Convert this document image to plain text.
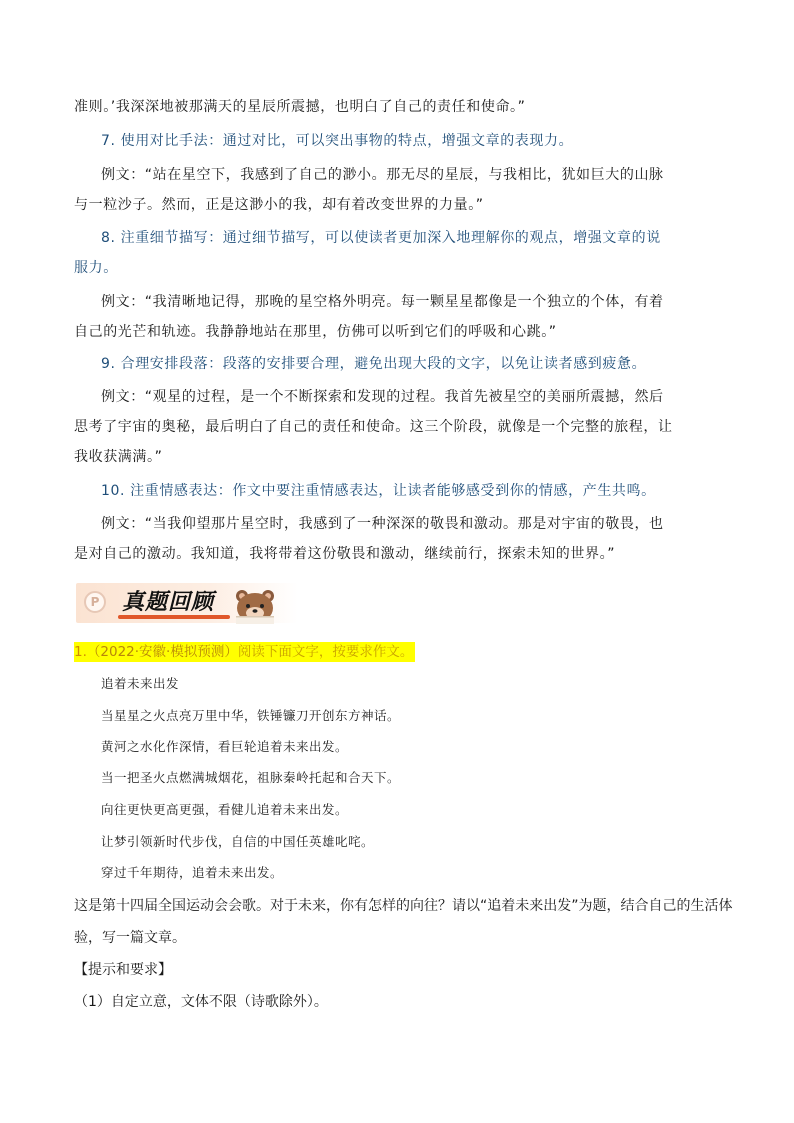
准则。’我深深地被那满天的星辰所震撼，也明白了自己的责任和使命。”
7. 使用对比手法：通过对比，可以突出事物的特点，增强文章的表现力。
例文：“站在星空下，我感到了自己的渺小。那无尽的星辰，与我相比，犹如巨大的山脉
与一粒沙子。然而，正是这渺小的我，却有着改变世界的力量。”
8. 注重细节描写：通过细节描写，可以使读者更加深入地理解你的观点，增强文章的说
服力。
例文：“我清晰地记得，那晚的星空格外明亮。每一颗星星都像是一个独立的个体，有着
自己的光芒和轨迹。我静静地站在那里，仿佛可以听到它们的呼吸和心跳。”
9. 合理安排段落：段落的安排要合理，避免出现大段的文字，以免让读者感到疲惫。
例文：“观星的过程，是一个不断探索和发现的过程。我首先被星空的美丽所震撼，然后
思考了宇宙的奥秘，最后明白了自己的责任和使命。这三个阶段，就像是一个完整的旅程，让
我收获满满。”
10. 注重情感表达：作文中要注重情感表达，让读者能够感受到你的情感，产生共鸣。
例文：“当我仰望那片星空时，我感到了一种深深的敬畏和激动。那是对宇宙的敬畏，也
是对自己的激动。我知道，我将带着这份敬畏和激动，继续前行，探索未知的世界。”
P	真题回顾
1.（2022·安徽·模拟预测）阅读下面文字，按要求作文。
追着未来出发
当星星之火点亮万里中华，铁锤镰刀开创东方神话。
黄河之水化作深情，看巨轮追着未来出发。
当一把圣火点燃满城烟花，祖脉秦岭托起和合天下。
向往更快更高更强，看健儿追着未来出发。
让梦引领新时代步伐，自信的中国任英雄叱咤。
穿过千年期待，追着未来出发。
这是第十四届全国运动会会歌。对于未来，你有怎样的向往？请以“追着未来出发”为题，结合自己的生活体
验，写一篇文章。
【提示和要求】
（1）自定立意，文体不限（诗歌除外）。
